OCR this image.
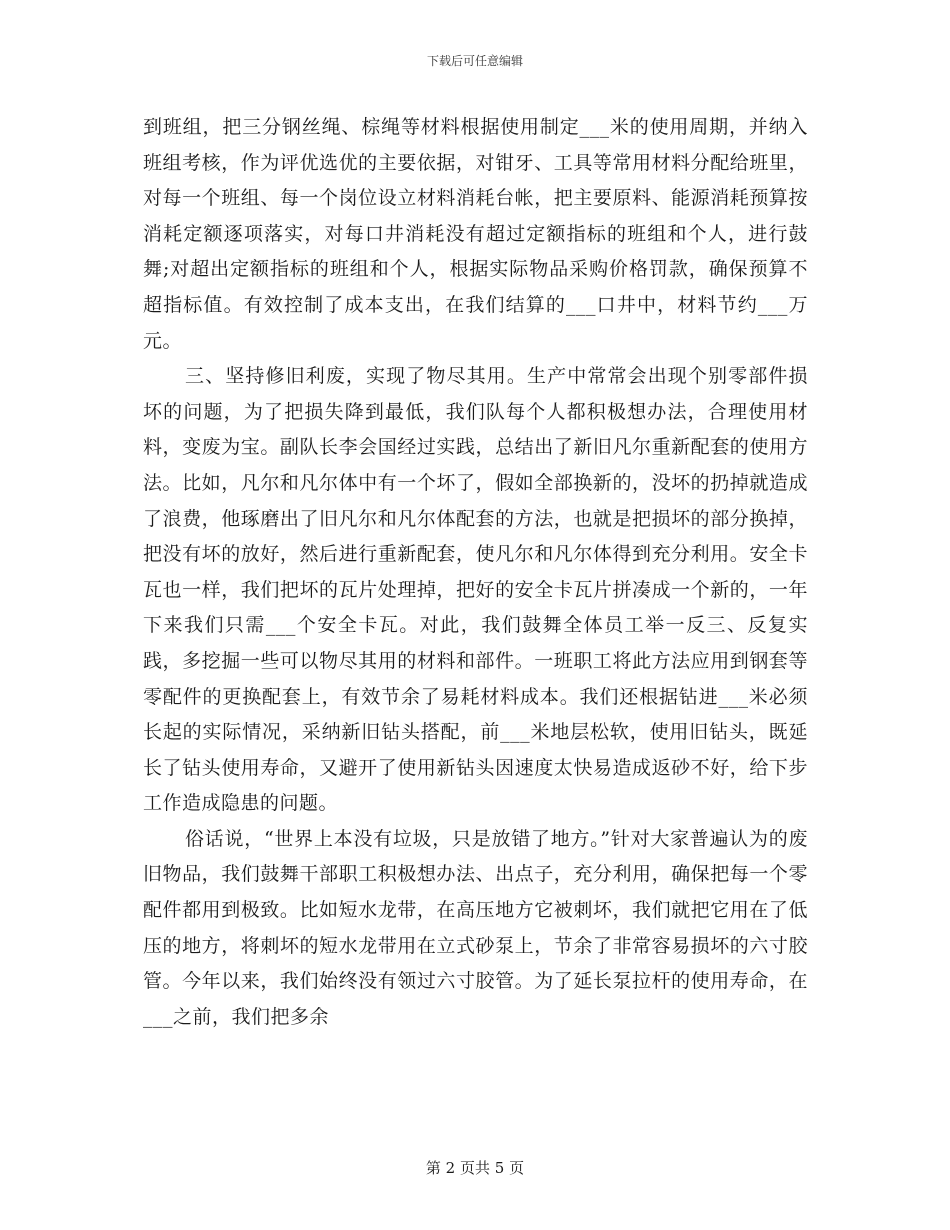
下载后可任意编辑

到班组，把三分钢丝绳、棕绳等材料根据使用制定___米的使用周期，并纳入班组考核，作为评优选优的主要依据，对钳牙、工具等常用材料分配给班里，对每一个班组、每一个岗位设立材料消耗台帐，把主要原料、能源消耗预算按消耗定额逐项落实，对每口井消耗没有超过定额指标的班组和个人，进行鼓舞;对超出定额指标的班组和个人，根据实际物品采购价格罚款，确保预算不超指标值。有效控制了成本支出，在我们结算的___口井中，材料节约___万元。

三、坚持修旧利废，实现了物尽其用。生产中常常会出现个别零部件损坏的问题，为了把损失降到最低，我们队每个人都积极想办法，合理使用材料，变废为宝。副队长李会国经过实践，总结出了新旧凡尔重新配套的使用方法。比如，凡尔和凡尔体中有一个坏了，假如全部换新的，没坏的扔掉就造成了浪费，他琢磨出了旧凡尔和凡尔体配套的方法，也就是把损坏的部分换掉，把没有坏的放好，然后进行重新配套，使凡尔和凡尔体得到充分利用。安全卡瓦也一样，我们把坏的瓦片处理掉，把好的安全卡瓦片拼凑成一个新的，一年下来我们只需___个安全卡瓦。对此，我们鼓舞全体员工举一反三、反复实践，多挖掘一些可以物尽其用的材料和部件。一班职工将此方法应用到钢套等零配件的更换配套上，有效节余了易耗材料成本。我们还根据钻进___米必须长起的实际情况，采纳新旧钻头搭配，前___米地层松软，使用旧钻头，既延长了钻头使用寿命，又避开了使用新钻头因速度太快易造成返砂不好，给下步工作造成隐患的问题。

俗话说，“世界上本没有垃圾，只是放错了地方。”针对大家普遍认为的废旧物品，我们鼓舞干部职工积极想办法、出点子，充分利用，确保把每一个零配件都用到极致。比如短水龙带，在高压地方它被刺坏，我们就把它用在了低压的地方，将刺坏的短水龙带用在立式砂泵上，节余了非常容易损坏的六寸胶管。今年以来，我们始终没有领过六寸胶管。为了延长泵拉杆的使用寿命，在___之前，我们把多余

第 2 页共 5 页
